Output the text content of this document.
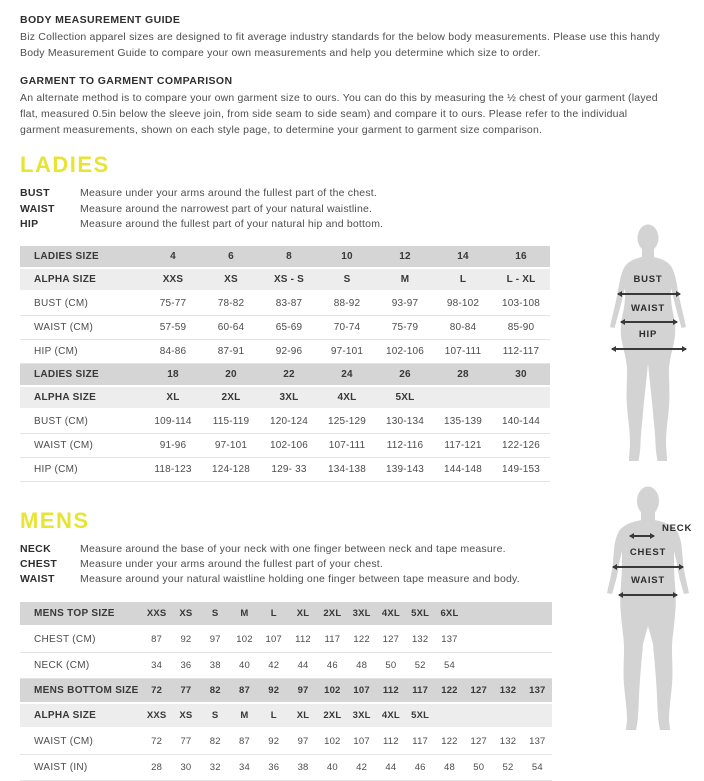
BODY MEASUREMENT GUIDE

Biz Collection apparel sizes are designed to fit average industry standards for the below body measurements. Please use this handy Body Measurement Guide to compare your own measurements and help you determine which size to order.

GARMENT TO GARMENT COMPARISON

An alternate method is to compare your own garment size to ours. You can do this by measuring the ½ chest of your garment (layed flat, measured 0.5in below the sleeve join, from side seam to side seam) and compare it to ours. Please refer to the individual garment measurements, shown on each style page, to determine your garment to garment size comparison.

LADIES
BUST	Measure under your arms around the fullest part of the chest.
WAIST	Measure around the narrowest part of your natural waistline.
HIP	Measure around the fullest part of your natural hip and bottom.
LADIES SIZE	4	6	8	10	12	14	16
ALPHA SIZE	XXS	XS	XS - S	S	M	L	L - XL
BUST (CM)	75-77	78-82	83-87	88-92	93-97	98-102	103-108
WAIST (CM)	57-59	60-64	65-69	70-74	75-79	80-84	85-90
HIP (CM)	84-86	87-91	92-96	97-101	102-106	107-111	112-117
LADIES SIZE	18	20	22	24	26	28	30
ALPHA SIZE	XL	2XL	3XL	4XL	5XL		
BUST (CM)	109-114	115-119	120-124	125-129	130-134	135-139	140-144
WAIST (CM)	91-96	97-101	102-106	107-111	112-116	117-121	122-126
HIP (CM)	118-123	124-128	129- 33	134-138	139-143	144-148	149-153
MENS
NECK	Measure around the base of your neck with one finger between neck and tape measure.
CHEST	Measure under your arms around the fullest part of your chest.
WAIST	Measure around your natural waistline holding one finger between tape measure and body.
MENS TOP SIZE	XXS	XS	S	M	L	XL	2XL	3XL	4XL	5XL	6XL			
CHEST (CM)	87	92	97	102	107	112	117	122	127	132	137			
NECK (CM)	34	36	38	40	42	44	46	48	50	52	54			
MENS BOTTOM SIZE	72	77	82	87	92	97	102	107	112	117	122	127	132	137
ALPHA SIZE	XXS	XS	S	M	L	XL	2XL	3XL	4XL	5XL				
WAIST (CM)	72	77	82	87	92	97	102	107	112	117	122	127	132	137
WAIST (IN)	28	30	32	34	36	38	40	42	44	46	48	50	52	54
BUST
WAIST
HIP
NECK
CHEST
WAIST
